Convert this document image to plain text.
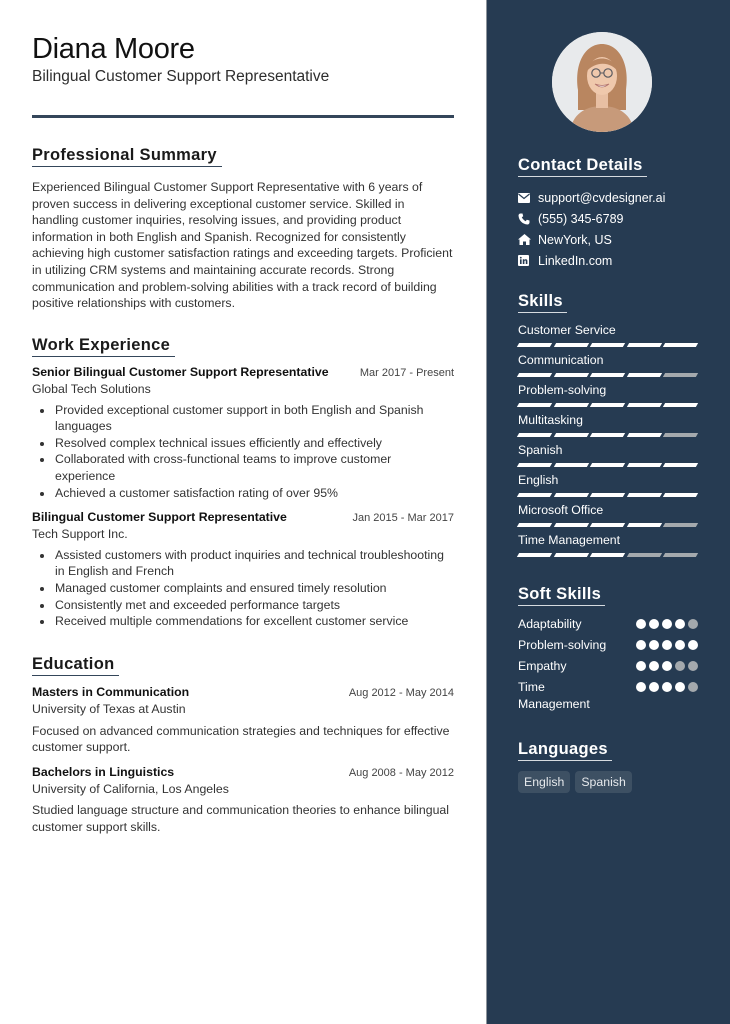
Diana Moore
Bilingual Customer Support Representative
Professional Summary

Experienced Bilingual Customer Support Representative with 6 years of proven success in delivering exceptional customer service. Skilled in handling customer inquiries, resolving issues, and providing product information in both English and Spanish. Recognized for consistently achieving high customer satisfaction ratings and exceeding targets. Proficient in utilizing CRM systems and maintaining accurate records. Strong communication and problem-solving abilities with a track record of building positive relationships with customers.

Work Experience
Senior Bilingual Customer Support Representative	Mar 2017 - Present
Global Tech Solutions
Provided exceptional customer support in both English and Spanish languages
Resolved complex technical issues efficiently and effectively
Collaborated with cross-functional teams to improve customer experience
Achieved a customer satisfaction rating of over 95%
Bilingual Customer Support Representative	Jan 2015 - Mar 2017
Tech Support Inc.
Assisted customers with product inquiries and technical troubleshooting in English and French
Managed customer complaints and ensured timely resolution
Consistently met and exceeded performance targets
Received multiple commendations for excellent customer service
Education
Masters in Communication	Aug 2012 - May 2014
University of Texas at Austin

Focused on advanced communication strategies and techniques for effective customer support.

Bachelors in Linguistics	Aug 2008 - May 2012
University of California, Los Angeles

Studied language structure and communication theories to enhance bilingual customer support skills.

Contact Details
support@cvdesigner.ai
(555) 345-6789
NewYork, US
LinkedIn.com
Skills
Customer Service
Communication
Problem-solving
Multitasking
Spanish
English
Microsoft Office
Time Management
Soft Skills
Adaptability
Problem-solving
Empathy
Time Management
Languages
English	Spanish
